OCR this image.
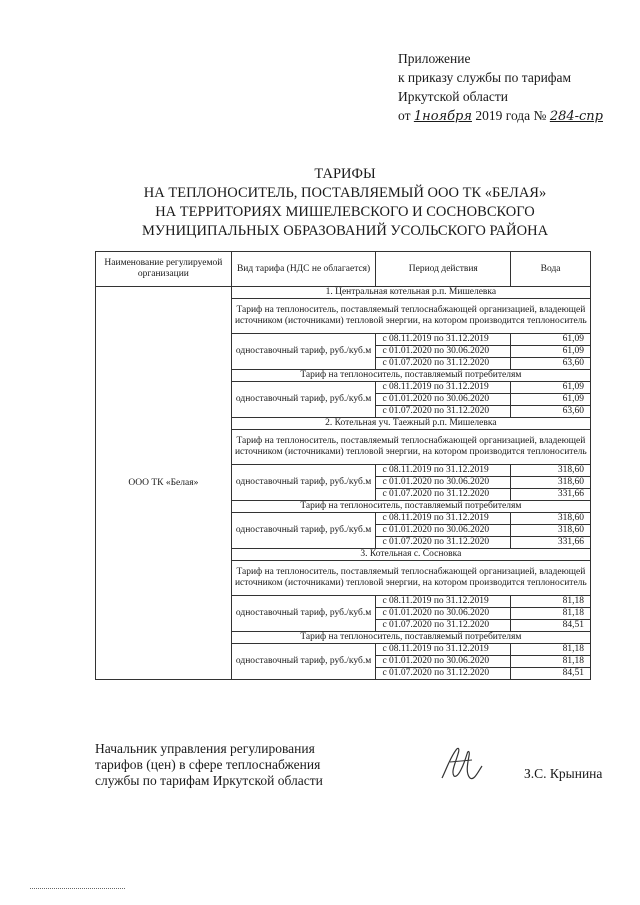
Приложение
к приказу службы по тарифам
Иркутской области
от 1ноября 2019 года № 284-спр
ТАРИФЫ
НА ТЕПЛОНОСИТЕЛЬ, ПОСТАВЛЯЕМЫЙ ООО ТК «БЕЛАЯ»
НА ТЕРРИТОРИЯХ МИШЕЛЕВСКОГО И СОСНОВСКОГО
МУНИЦИПАЛЬНЫХ ОБРАЗОВАНИЙ УСОЛЬСКОГО РАЙОНА
Наименование регулируемой организации	Вид тарифа (НДС не облагается)	Период действия	Вода
ООО ТК «Белая»	1. Центральная котельная р.п. Мишелевка		
	Тариф на теплоноситель, поставляемый теплоснабжающей организацией, владеющей источником (источниками) тепловой энергии, на котором производится теплоноситель		
	одноставочный тариф, руб./куб.м	с 08.11.2019 по 31.12.2019	61,09
		с 01.01.2020 по 30.06.2020	61,09
		с 01.07.2020 по 31.12.2020	63,60
	Тариф на теплоноситель, поставляемый потребителям		
	одноставочный тариф, руб./куб.м	с 08.11.2019 по 31.12.2019	61,09
		с 01.01.2020 по 30.06.2020	61,09
		с 01.07.2020 по 31.12.2020	63,60
	2. Котельная уч. Таежный р.п. Мишелевка		
	Тариф на теплоноситель, поставляемый теплоснабжающей организацией, владеющей источником (источниками) тепловой энергии, на котором производится теплоноситель		
	одноставочный тариф, руб./куб.м	с 08.11.2019 по 31.12.2019	318,60
		с 01.01.2020 по 30.06.2020	318,60
		с 01.07.2020 по 31.12.2020	331,66
	Тариф на теплоноситель, поставляемый потребителям		
	одноставочный тариф, руб./куб.м	с 08.11.2019 по 31.12.2019	318,60
		с 01.01.2020 по 30.06.2020	318,60
		с 01.07.2020 по 31.12.2020	331,66
	3. Котельная с. Сосновка		
	Тариф на теплоноситель, поставляемый теплоснабжающей организацией, владеющей источником (источниками) тепловой энергии, на котором производится теплоноситель		
	одноставочный тариф, руб./куб.м	с 08.11.2019 по 31.12.2019	81,18
		с 01.01.2020 по 30.06.2020	81,18
		с 01.07.2020 по 31.12.2020	84,51
	Тариф на теплоноситель, поставляемый потребителям		
	одноставочный тариф, руб./куб.м	с 08.11.2019 по 31.12.2019	81,18
		с 01.01.2020 по 30.06.2020	81,18
		с 01.07.2020 по 31.12.2020	84,51
Начальник управления регулирования
тарифов (цен) в сфере теплоснабжения
службы по тарифам Иркутской области	З.С. Крынина
